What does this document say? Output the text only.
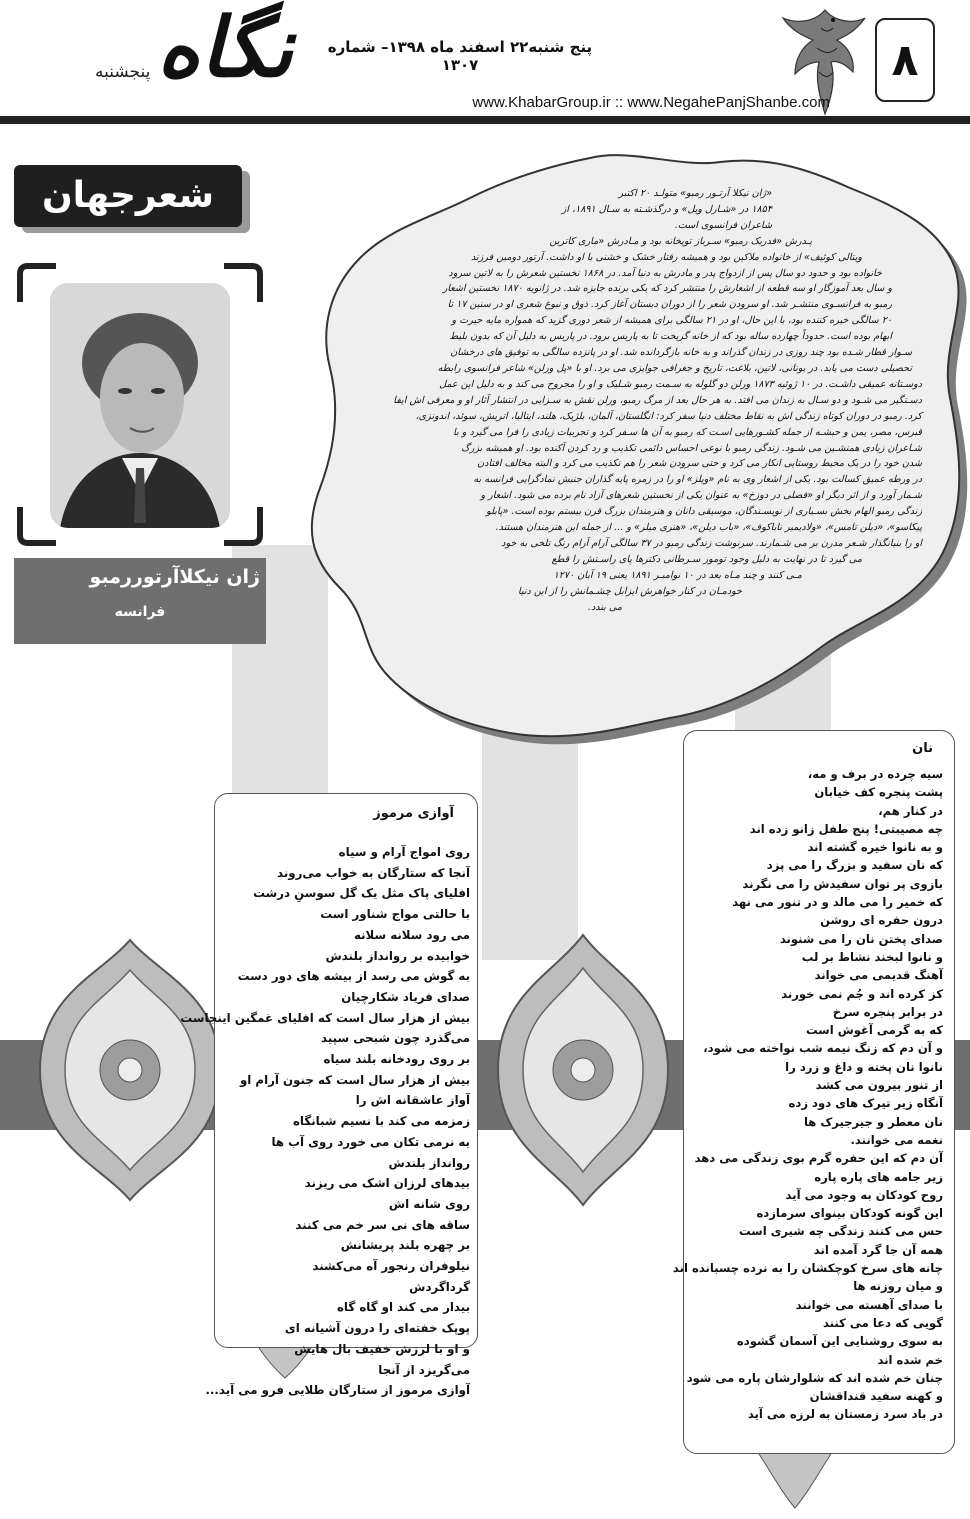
۸
پنج شنبه۲۲ اسفند ماه ۱۳۹۸– شماره ۱۳۰۷
www.KhabarGroup.ir :: www.NegahePanjShanbe.com
نگاه
پنجشنبه
شعرجهان
ژان نیکلاآرتوررمبو
فرانسه

«ژان نیکلا آرتـور رمبو» متولـد ۲۰ اکتبر

۱۸۵۴ در «شـارل ویل» و درگذشـته به سـال ۱۸۹۱، از

شاعران فرانسوی است.

پـدرش «فدریک رمبو» سـرباز توپخانه بود و مـادرش «ماری کاترین

ویتالی کوئیف» از خانواده ملاکین بود و همیشه رفتار خشک و خشنی با او داشت. آرتور دومین فرزند

خانواده بود و حدود دو سال پس از ازدواج پدر و مادرش به دنیا آمد. در ۱۸۶۸ نخستین شعرش را به لاتین سرود

و سال بعد آموزگار او سه قطعه از اشعارش را منتشر کرد که یکی برنده جایزه شد. در ژانویه ۱۸۷۰ نخستین اشعار

رمبو به فرانسـوی منتشـر شد. او سرودن شعر را از دوران دبستان آغاز کرد. ذوق و نبوغ شعری او در سنین ۱۷ تا

۲۰ سالگی خیره کننده بود، با این حال، او در ۲۱ سالگی برای همیشه از شعر دوری گزید که همواره مایه حیرت و

ابهام بوده است. حدوداً چهارده ساله بود که از خانه گریخت تا به پاریس برود. در پاریس به دلیل آن که بدون بلیط

سـوار قطار شـده بود چند روزی در زندان گذراند و به خانه بازگردانده شد. او در پانزده سالگی به توفیق های درخشان

تحصیلی دست می یابد. در یونانی، لاتین، بلاغت، تاریخ و جغرافی جوایزی می برد. او با «پل ورلن» شاعر فرانسوی رابطه

دوسـتانه عمیقی داشـت. در ۱۰ ژوئیه ۱۸۷۳ ورلن دو گلوله به سـمت رمبو شـلیک و او را مجروح می کند و به دلیل این عمل

دسـتگیر می شـود و دو سـال به زندان می افتد. به هر حال بعد از مرگ رمبو، ورلن نقش به سـزایی در انتشار آثار او و معرفی اش ایفا

کرد. رمبو در دوران کوتاه زندگی اش به نقاط مختلف دنیا سفر کرد: انگلستان، آلمان، بلژیک، هلند، ایتالیا، اتریش، سوئد، اندونزی،

قبرس، مصر، یمن و حبشـه از جمله کشـورهایی اسـت که رمبو به آن ها سـفر کرد و تجربیات زیادی را فرا می گیرد و با

شـاعران زیادی همنشـین می شـود. زندگی رمبو با نوعی احساس دائمی تکذیب و رد کردن آکنده بود. او همیشه بزرگ

شدن خود را در یک محیط روستایی انکار می کرد و حتی سرودن شعر را هم تکذیب می کرد و البته مخالف افتادن

در ورطه عمیق کسالت بود. یکی از اشعار وی به نام «ویلز» او را در زمره پایه گذاران جنبش نمادگرایی فرانسه به

شـمار آورد و از اثر دیگر او «فصلی در دوزخ» به عنوان یکی از نخستین شعرهای آزاد نام برده می شود. اشعار و

زندگی رمبو الهام بخش بسـیاری از نویسـندگان، موسیقی دانان و هنرمندان بزرگ قرن بیستم بوده است. «پابلو

پیکاسو»، «دیلن تامس»، «ولادیمیر ناباکوف»، «باب دیلن»، «هنری میلر» و ... از جمله این هنرمندان هستند.

او را بنیانگذار شـعر مدرن بر می شـمارند. سرنوشت زندگی رمبو در ۳۷ سالگی آرام آرام رنگ تلخی به خود

می گیرد تا در نهایت به دلیل وجود تومور سـرطانی دکترها پای راسـتش را قطع

مـی کنند و چند مـاه بعد در ۱۰ نوامبـر ۱۸۹۱ یعنی ۱۹ آبان ۱۲۷۰

خودمـان در کنار خواهرش ایزابل چشـمانش را از این دنیا

می بندد.

آوازی مرموز
روی امواج آرام و سیاه
آنجا که ستارگان به خواب می‌روند
افلیای پاک مثل یک گل سوسنِ درشت
با حالتی مواج شناور است
می رود سلانه سلانه
خوابیده بر روانداز بلندش
به گوش می رسد از بیشه های دور دست
صدای فریاد شکارچیان
بیش از هزار سال است که افلیای غمگین اینجاست
می‌گذرد چون شبحی سپید
بر روی رودخانه بلند سیاه
بیش از هزار سال است که جنون آرام او
آواز عاشقانه اش را
زمزمه می کند با نسیم شبانگاه
به نرمی تکان می خورد روی آب ها
روانداز بلندش
بیدهای لرزان اشک می ریزند
روی شانه اش
ساقه های نی سر خم می کنند
بر چهره بلند پریشانش
نیلوفران رنجور آه می‌کشند
گرداگردش
بیدار می کند او گاه گاه
پوپک خفته‌ای را درون آشیانه ای
و او با لرزش خفیف بال هایش
می‌گریزد از آنجا
آوازی مرموز از ستارگان طلایی فرو می آید...
نان
سیه چرده در برف و مه،
پشت پنجره کف خیابان
در کنار هم،
چه مصیبتی! پنج طفل زانو زده اند
و به نانوا خیره گشته اند
که نان سفید و بزرگ را می پزد
بازوی پر توان سفیدش را می نگرند
که خمیر را می مالد و در تنور می نهد
درون حفره ای روشن
صدای پختن نان را می شنوند
و نانوا لبخند نشاط بر لب
آهنگ قدیمی می خواند
کز کرده اند و جُم نمی خورند
در برابر پنجره سرخ
که به گرمی آغوش است
و آن دم که زنگ نیمه شب نواخته می شود،
نانوا نان پخته و داغ و زرد را
از تنور بیرون می کشد
آنگاه زیر تیرک های دود زده
نان معطر و جیرجیرک ها
نغمه می خوانند.
آن دم که این حفره گرم بوی زندگی می دهد
زیر جامه های پاره پاره
روح کودکان به وجود می آید
این گونه کودکان بینوای سرمازده
حس می کنند زندگی چه شیری است
همه آن جا گرد آمده اند
چانه های سرخ کوچکشان را به نرده چسبانده اند
و میان روزنه ها
با صدای آهسته می خوانند
گویی که دعا می کنند
به سوی روشنایی این آسمان گشوده
خم شده اند
چنان خم شده اند که شلوارشان پاره می شود
و کهنه سفید قنداقشان
در باد سرد زمستان به لرزه می آید
